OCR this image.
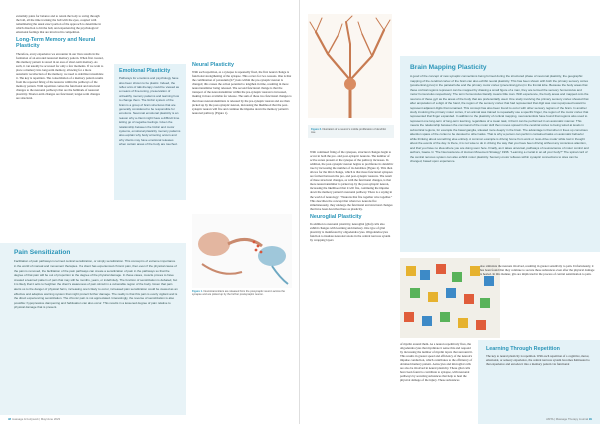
extremity pains for balance and to return the body to swing through the ball, all the time tracking the ball with the eyes, coupled with remembering the usual exact portion of the approach to determine in which direction to hit the ball, and experiencing the psychological/ emotional feelings that are involved in competition.

Long-Term Memory and Neural Plasticity

Therefore, every experience we encounter in our lives results in the formation of an encoded neuronal memory pattern. When first created, this memory pattern is stored in an area of short-term memory. As such, it can usually be accessed for only a few moments. If we want to place a memory into long-term memory, allowing for a more automatic recollection of the memory, we need to stabilize/consolidate it. The key is repetition. The consolidation of a memory pattern results from the repeated firing of the neurons within the pathways of the memory pattern. With repetition comes the functional and structural changes to the neuronal pathways that are the hallmark of neuronal plasticity. Shorter-term changes are functional; longer-term changes are structural.

Emotional Plasticity

Pathways for emotions and psychology have also been shown to be plastic. Indeed, the reflex arcs of talk-therapy could be viewed as a means of fine-tuning, preservation of unhealthy memory patterns and learning how to change them. The limbic system of the brain is a group of brain structures that are generally considered to be responsible for emotions. Neuronal emotional plasticity is an reason why a client might have a difficult time letting go of negative feelings. Given the relationship between the limbic and motor systems, emotional plasticity memory patterns also explain why body armoring occurs and why clients may have emotional releases when certain areas of the body are touched.

Neural Plasticity

With each repetition, as a synapse is repeatedly fired, the first neural change is functional strengthening of the synapse. This occurs for two reasons. One is that the combination of potassium (K+) ions within the pre-synaptic neuron is changed; this causes the action potential to lengthen in time, resulting in more neurotransmitter being released. The second functional change is that the transport of the neurotransmitter within the pre-synaptic neuron is increased, making it more available for release. The sum of these two functional changes is that more neurotransmitters is released by the pre-synaptic neuron and are then picked up by the post-synaptic neuron, increasing the likelihood that the post-synaptic neuron will fire and continue the impulse down the memory pattern's neuronal pathway (Figure 1).

Figure 1. Neurotransmitters are released from the presynaptic neuron across the synapse and are picked up by the further postsynaptic neuron.
Pain Sensitization

Facilitation of pain pathways is termed central sensitization, or simply sensitization. This concept is of extreme importance in the world of manual and movement therapies. If a client has experienced chronic pain, then even if the physical cause of the pain is removed, the facilitation of the pain pathways can create a sensitization of pain in the pathways so that the degree of that pain will be out of proportion to the degree of the physical damage. In these cases, muscle proves to have created a learned pattern of pain that may still be months, years, or indefinitely. The function of sensitization is debated, but it is likely that it acts to heighten the client's awareness of pain stimuli in a vulnerable region of the body. Given that pain alerts us to the danger of physical harm, increasing one's likely to occur, increased pain sensitization could be viewed as an effective and adaptive warning system that might protect further damage. The reality is that this pain is overly vigilant and is the direct experiencing sensitization. The chronic pain is not appreciated. Interestingly, the reverse of sensitization is also possible: hypopressive dampening and habituation can also occur. This results in a lessened degree of pain relative to physical damage that is present.

98 massage & bodywork | May/June 2023
Figure 2. Illustration of a neuron's mobile proliferation of dendritic tree
Brain Mapping Plasticity

A good of the concept of new synaptic connections being formed during the structured phase of neuronal plasticity, the geographic mapping of the cerebral cortex of the brain can also exhibit neural plasticity. This has been shown with both the primary sensory cortex (postcentral gyrus) in the parietal lobe and the primary motor cortex (precentral gyrus) in the frontal lobe. Because the body areas that these cortical regions represent can be mapped by drawing a small figure of a man, they are termed the sensory homunculus and motor homunculus respectively. The term homunculus literally means little man. With experience, the body areas and mapped onto the neurons of these gyri as the areas of the body that are preferentially used. One study involving the primary sensory cortex showed that after amputation of a digit of the hand, the region of the sensory cortex that had represented that digit was now repurposed toward to represent adjacent digits that remained. This concept has also been found to occur with other sensory regions of the brain. In another study involving the primary motor cortex, if an animal was trained to repeatedly use a specific finger, the region of the motor cortex that represented that finger expanded. In addition to the plasticity of cortical mapping, neuroscientists have found that regions also used to represent one long-term of long-term learning, regardless of a mean task, it that it can be performed in an automatic manner. This means the relationship between the command of the motor skill then moves spread in the cerebral cortex to being wired at levels in subcortical regions, for example the basal ganglia, situated more deeply in the brain. The advantage is that when it frees up conscious attention space of the cortex to be devoted to other tasks. That is why a person can perform contained tasks on automatic behavior while thinking about something else entirely. A common example is driving home from work or 'auto-drive mode' while lost in thought about the events of the day. Is there, it is not wise to do in driving the way that you have been driving without any conscious attention, and that you have no idea where you are doing soon here. Finally, as it takes universal, pathways of neuroscience of motor control and authors, Gaeta. In 'The Neuroscience of Human Movement Strategy' 1996. "Learning a crucial in an all your body?" The spinal cord of the central nervous system can also exhibit motor plasticity. Sensory-motor reflexes within synaptic connections to sites can be changed, based upon experience.

With continued firing of the synapses, structural changes begin to occur in both the pre- and post-synaptic neurons. The number of active zones present at the synapse of the pathway increases. In addition, the post-synaptic neuron begins to proliferate its dendritic tree by increasing the number of its dendrites (Figure 2). This then allows for the third change, which is that more functional synapses are formed between the pre- and post-synaptic neurons. The result of these structural changes, as with the functional changes, is that more neurotransmitter is picked up by the post-synaptic neuron, increasing the likelihood that it will fire, continuing the impulse down the memory pattern's neuronal pathway. There is a saying in the world of neurology: "Neurons that fire together wire together." This describes the concept that when two neurons fire simultaneously, they undergo the functional and structural changes that have been described here as plasticity.

Neuroglial Plasticity

In addition to neuronal plasticity, neuroglial (glial) cells also exhibit changes with learning and memory. One type of glial plasticity is manifested by oligodendrocytes. Oligodendrocytes function to insulate neuronal axons in the central nervous system by wrapping layers

of myelin around them. As a neuron repetitively fires, the oligodendrocytes that myelinate it sense this and respond by increasing the number of myelin layers that surround it. This results in greater speed and efficiency of the neuron's impulse conduction, which contributes to the efficiency of obtained memory pattern. Astrocytes and microglial cells are also be involved in neural plasticity. These glial cells have been found to contribute to synapse, with neuronal pathways by secreting substances that help to heal the physical damage of the injury. These substances

also stimulate the neurons involved, resulting in greater sensitivity to pain. Unfortunately, it has been found that they continue to secrete these substances even after the physical damage is healed. In this manner, glia are implicated in the process of central sensitization to pain.

Learning Through Repetition

The key to neural plasticity is repetition. With each repetition of a cognitive, motor, emotional, or sensory experience, the central nervous system becomes habituated to that experience and encodes it into a memory pattern via functional

AMTA | Massage Therapy Journal 99
